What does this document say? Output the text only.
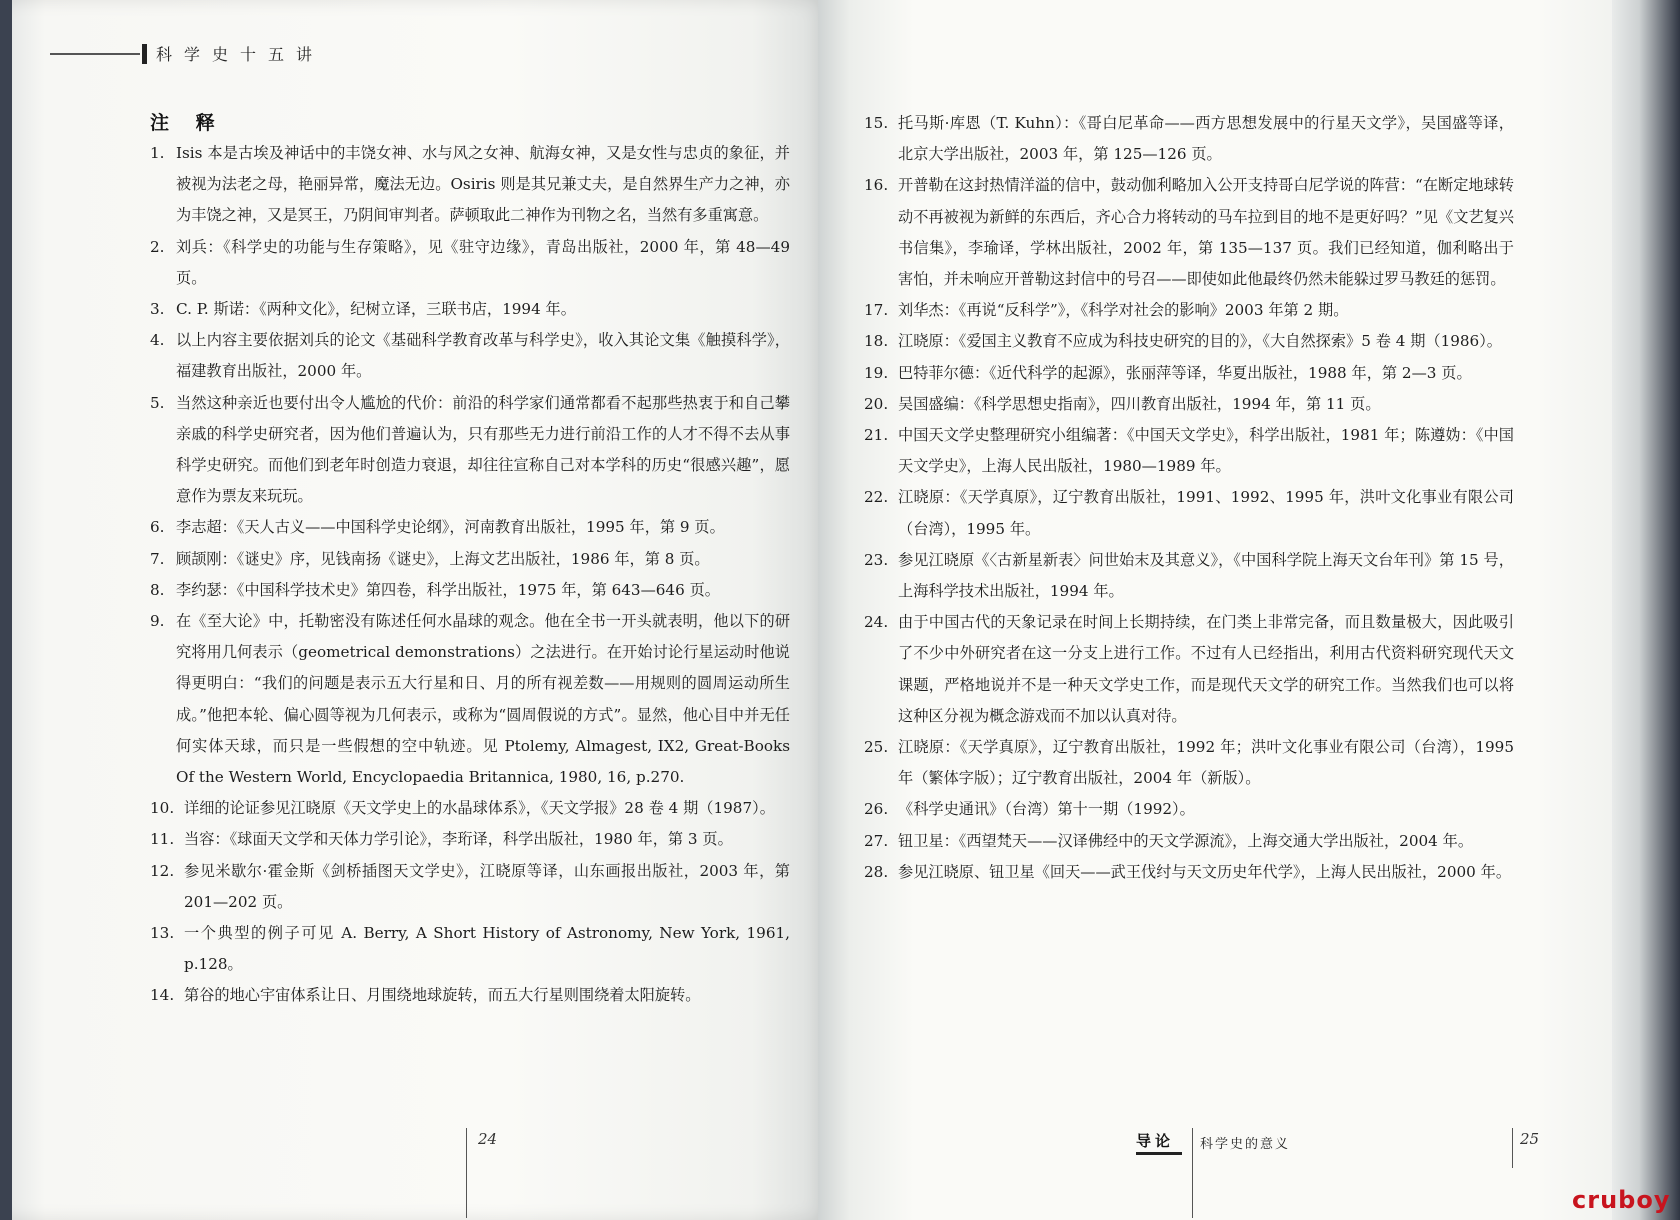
科学史十五讲
注 释
1. Isis 本是古埃及神话中的丰饶女神、水与风之女神、航海女神，又是女性与忠贞的象征，并被视为法老之母，艳丽异常，魔法无边。Osiris 则是其兄兼丈夫，是自然界生产力之神，亦为丰饶之神，又是冥王，乃阴间审判者。萨顿取此二神作为刊物之名，当然有多重寓意。
2. 刘兵：《科学史的功能与生存策略》，见《驻守边缘》，青岛出版社，2000 年，第 48—49 页。
3. C. P. 斯诺：《两种文化》，纪树立译，三联书店，1994 年。
4. 以上内容主要依据刘兵的论文《基础科学教育改革与科学史》，收入其论文集《触摸科学》，福建教育出版社，2000 年。
5. 当然这种亲近也要付出令人尴尬的代价：前沿的科学家们通常都看不起那些热衷于和自己攀亲戚的科学史研究者，因为他们普遍认为，只有那些无力进行前沿工作的人才不得不去从事科学史研究。而他们到老年时创造力衰退，却往往宣称自己对本学科的历史“很感兴趣”，愿意作为票友来玩玩。
6. 李志超：《天人古义——中国科学史论纲》，河南教育出版社，1995 年，第 9 页。
7. 顾颉刚：《谜史》序，见钱南扬《谜史》，上海文艺出版社，1986 年，第 8 页。
8. 李约瑟：《中国科学技术史》第四卷，科学出版社，1975 年，第 643—646 页。
9. 在《至大论》中，托勒密没有陈述任何水晶球的观念。他在全书一开头就表明，他以下的研究将用几何表示（geometrical demonstrations）之法进行。在开始讨论行星运动时他说得更明白：“我们的问题是表示五大行星和日、月的所有视差数——用规则的圆周运动所生成。”他把本轮、偏心圆等视为几何表示，或称为“圆周假说的方式”。显然，他心目中并无任何实体天球，而只是一些假想的空中轨迹。见 Ptolemy, Almagest, IX2, Great-Books Of the Western World, Encyclopaedia Britannica, 1980, 16, p.270.
10. 详细的论证参见江晓原《天文学史上的水晶球体系》，《天文学报》28 卷 4 期（1987）。
11. 当容：《球面天文学和天体力学引论》，李珩译，科学出版社，1980 年，第 3 页。
12. 参见米歇尔·霍金斯《剑桥插图天文学史》，江晓原等译，山东画报出版社，2003 年，第 201—202 页。
13. 一个典型的例子可见 A. Berry, A Short History of Astronomy, New York, 1961, p.128。
14. 第谷的地心宇宙体系让日、月围绕地球旋转，而五大行星则围绕着太阳旋转。
24
15. 托马斯·库恩（T. Kuhn）：《哥白尼革命——西方思想发展中的行星天文学》，吴国盛等译，北京大学出版社，2003 年，第 125—126 页。
16. 开普勒在这封热情洋溢的信中，鼓动伽利略加入公开支持哥白尼学说的阵营：“在断定地球转动不再被视为新鲜的东西后，齐心合力将转动的马车拉到目的地不是更好吗？”见《文艺复兴书信集》，李瑜译，学林出版社，2002 年，第 135—137 页。我们已经知道，伽利略出于害怕，并未响应开普勒这封信中的号召——即使如此他最终仍然未能躲过罗马教廷的惩罚。
17. 刘华杰：《再说“反科学”》，《科学对社会的影响》2003 年第 2 期。
18. 江晓原：《爱国主义教育不应成为科技史研究的目的》，《大自然探索》5 卷 4 期（1986）。
19. 巴特菲尔德：《近代科学的起源》，张丽萍等译，华夏出版社，1988 年，第 2—3 页。
20. 吴国盛编：《科学思想史指南》，四川教育出版社，1994 年，第 11 页。
21. 中国天文学史整理研究小组编著：《中国天文学史》，科学出版社，1981 年；陈遵妫：《中国天文学史》，上海人民出版社，1980—1989 年。
22. 江晓原：《天学真原》，辽宁教育出版社，1991、1992、1995 年，洪叶文化事业有限公司（台湾），1995 年。
23. 参见江晓原《〈古新星新表〉问世始末及其意义》，《中国科学院上海天文台年刊》第 15 号，上海科学技术出版社，1994 年。
24. 由于中国古代的天象记录在时间上长期持续，在门类上非常完备，而且数量极大，因此吸引了不少中外研究者在这一分支上进行工作。不过有人已经指出，利用古代资料研究现代天文课题，严格地说并不是一种天文学史工作，而是现代天文学的研究工作。当然我们也可以将这种区分视为概念游戏而不加以认真对待。
25. 江晓原：《天学真原》，辽宁教育出版社，1992 年；洪叶文化事业有限公司（台湾），1995 年（繁体字版）；辽宁教育出版社，2004 年（新版）。
26. 《科学史通讯》（台湾）第十一期（1992）。
27. 钮卫星：《西望梵天——汉译佛经中的天文学源流》，上海交通大学出版社，2004 年。
28. 参见江晓原、钮卫星《回天——武王伐纣与天文历史年代学》，上海人民出版社，2000 年。
导论 科学史的意义	25
cruboy
